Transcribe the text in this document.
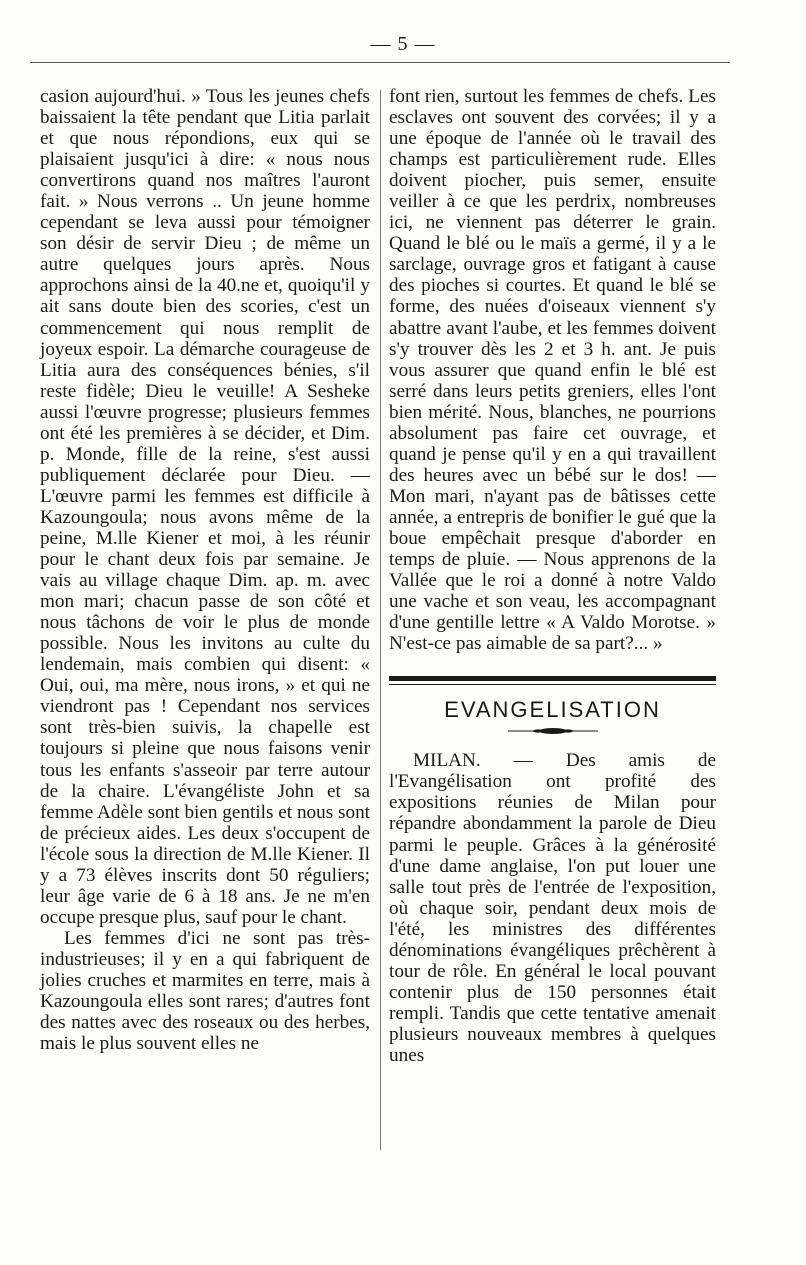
— 5 —

casion aujourd'hui. » Tous les jeunes chefs baissaient la tête pendant que Litia parlait et que nous répondions, eux qui se plaisaient jusqu'ici à dire: « nous nous convertirons quand nos maîtres l'auront fait. » Nous verrons .. Un jeune homme cependant se leva aussi pour témoigner son désir de servir Dieu ; de même un autre quelques jours après. Nous approchons ainsi de la 40.ne et, quoiqu'il y ait sans doute bien des scories, c'est un commencement qui nous remplit de joyeux espoir. La démarche courageuse de Litia aura des conséquences bénies, s'il reste fidèle; Dieu le veuille! A Sesheke aussi l'œuvre progresse; plusieurs femmes ont été les premières à se décider, et Dim. p. Monde, fille de la reine, s'est aussi publiquement déclarée pour Dieu. — L'œuvre parmi les femmes est difficile à Kazoungoula; nous avons même de la peine, M.lle Kiener et moi, à les réunir pour le chant deux fois par semaine. Je vais au village chaque Dim. ap. m. avec mon mari; chacun passe de son côté et nous tâchons de voir le plus de monde possible. Nous les invitons au culte du lendemain, mais combien qui disent: « Oui, oui, ma mère, nous irons, » et qui ne viendront pas ! Cependant nos services sont très-bien suivis, la chapelle est toujours si pleine que nous faisons venir tous les enfants s'asseoir par terre autour de la chaire. L'évangéliste John et sa femme Adèle sont bien gentils et nous sont de précieux aides. Les deux s'occupent de l'école sous la direction de M.lle Kiener. Il y a 73 élèves inscrits dont 50 réguliers; leur âge varie de 6 à 18 ans. Je ne m'en occupe presque plus, sauf pour le chant.

Les femmes d'ici ne sont pas très-industrieuses; il y en a qui fabriquent de jolies cruches et marmites en terre, mais à Kazoungoula elles sont rares; d'autres font des nattes avec des roseaux ou des herbes, mais le plus souvent elles ne

font rien, surtout les femmes de chefs. Les esclaves ont souvent des corvées; il y a une époque de l'année où le travail des champs est particulièrement rude. Elles doivent piocher, puis semer, ensuite veiller à ce que les perdrix, nombreuses ici, ne viennent pas déterrer le grain. Quand le blé ou le maïs a germé, il y a le sarclage, ouvrage gros et fatigant à cause des pioches si courtes. Et quand le blé se forme, des nuées d'oiseaux viennent s'y abattre avant l'aube, et les femmes doivent s'y trouver dès les 2 et 3 h. ant. Je puis vous assurer que quand enfin le blé est serré dans leurs petits greniers, elles l'ont bien mérité. Nous, blanches, ne pourrions absolument pas faire cet ouvrage, et quand je pense qu'il y en a qui travaillent des heures avec un bébé sur le dos! — Mon mari, n'ayant pas de bâtisses cette année, a entrepris de bonifier le gué que la boue empêchait presque d'aborder en temps de pluie. — Nous apprenons de la Vallée que le roi a donné à notre Valdo une vache et son veau, les accompagnant d'une gentille lettre « A Valdo Morotse. » N'est-ce pas aimable de sa part?... »

EVANGELISATION

MILAN. — Des amis de l'Evangélisation ont profité des expositions réunies de Milan pour répandre abondamment la parole de Dieu parmi le peuple. Grâces à la générosité d'une dame anglaise, l'on put louer une salle tout près de l'entrée de l'exposition, où chaque soir, pendant deux mois de l'été, les ministres des différentes dénominations évangéliques prêchèrent à tour de rôle. En général le local pouvant contenir plus de 150 personnes était rempli. Tandis que cette tentative amenait plusieurs nouveaux membres à quelques unes
